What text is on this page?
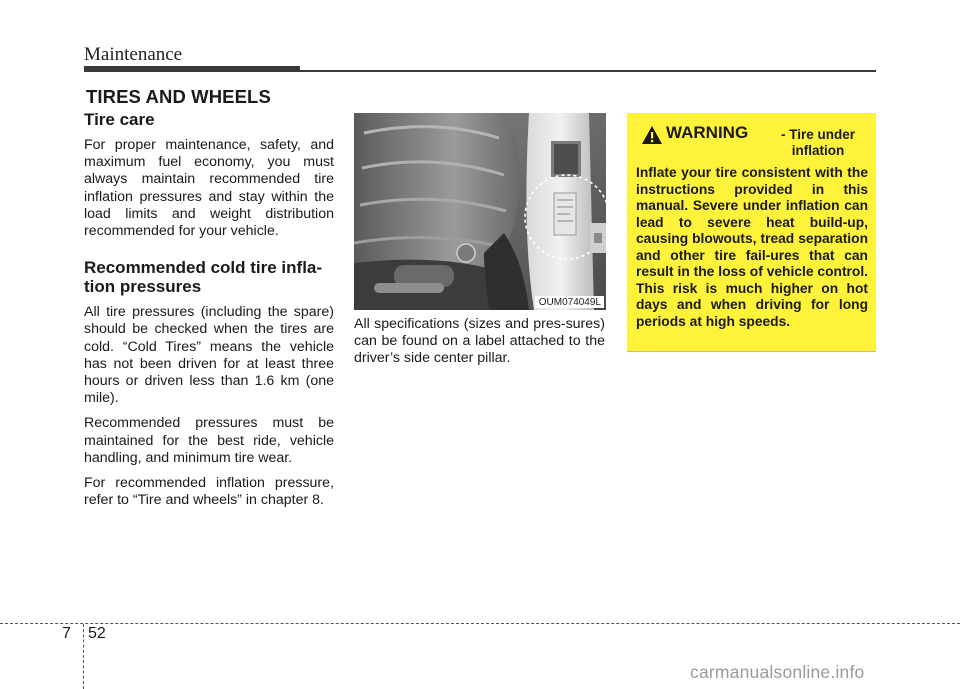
Maintenance
TIRES AND WHEELS
Tire care

For proper maintenance, safety, and maximum fuel economy, you must always maintain recommended tire inflation pressures and stay within the load limits and weight distribution recommended for your vehicle.

Recommended cold tire infla-
tion pressures

All tire pressures (including the spare) should be checked when the tires are cold. “Cold Tires” means the vehicle has not been driven for at least three hours or driven less than 1.6 km (one mile).

Recommended pressures must be maintained for the best ride, vehicle handling, and minimum tire wear.

For recommended inflation pressure, refer to “Tire and wheels” in chapter 8.

OUM074049L

All specifications (sizes and pres-sures) can be found on a label attached to the driver’s side center pillar.

WARNING	- Tire under inflation

Inflate your tire consistent with the instructions provided in this manual. Severe under inflation can lead to severe heat build-up, causing blowouts, tread separation and other tire fail-ures that can result in the loss of vehicle control. This risk is much higher on hot days and when driving for long periods at high speeds.

7 52
carmanualsonline.info
